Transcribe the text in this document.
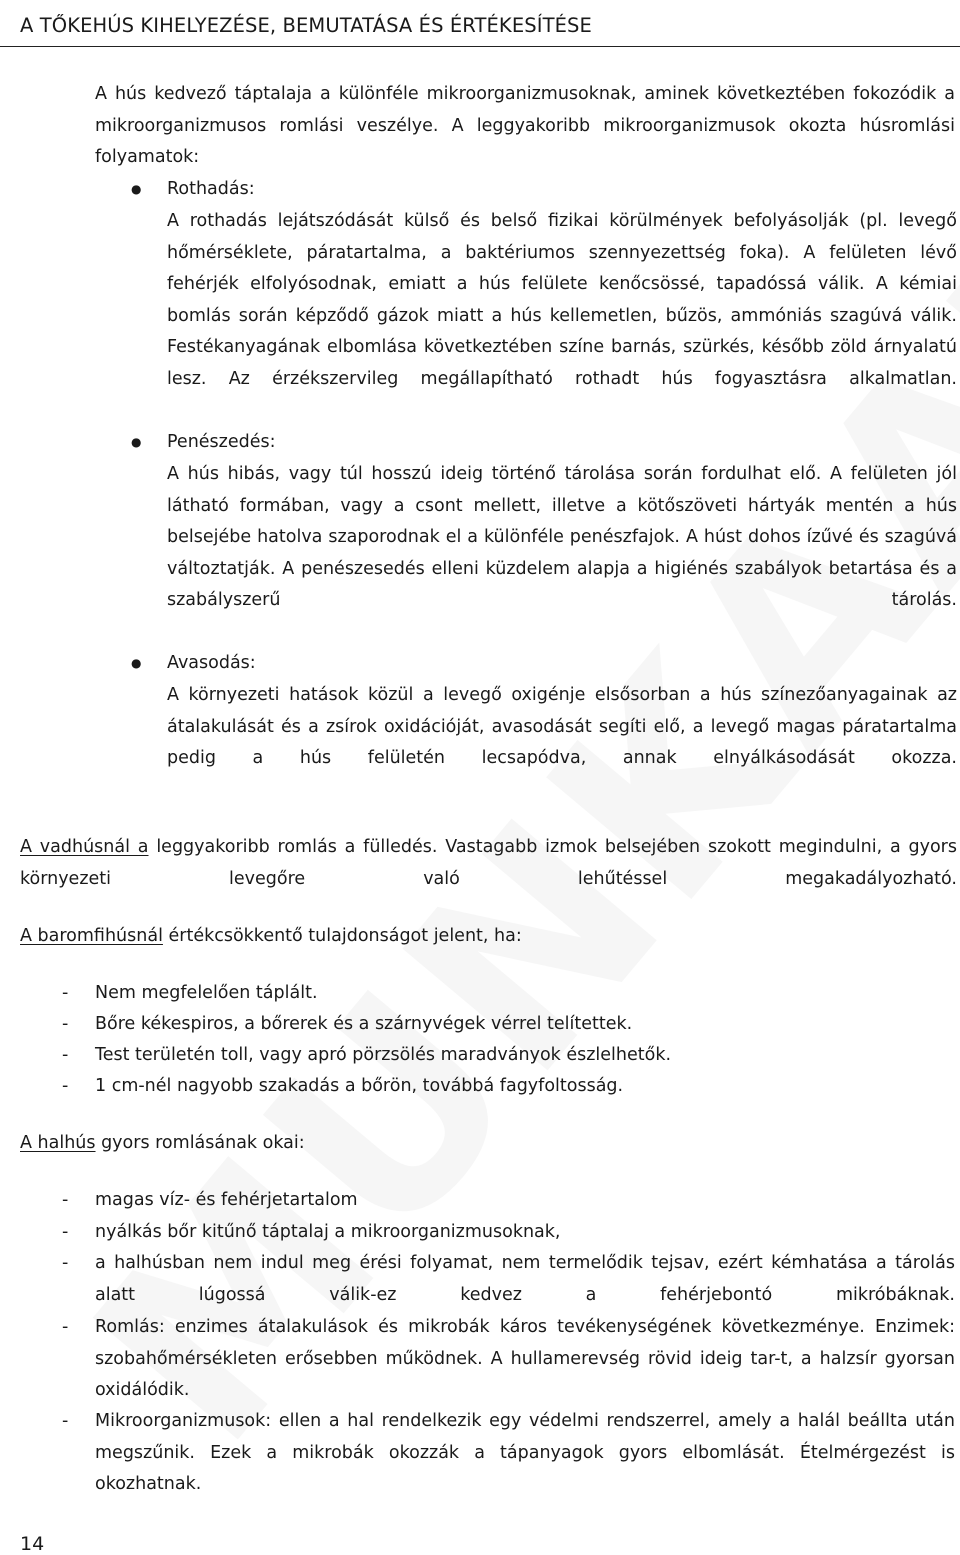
A TŐKEHÚS KIHELYEZÉSE, BEMUTATÁSA ÉS ÉRTÉKESÍTÉSE

A hús kedvező táptalaja a különféle mikroorganizmusoknak, aminek következtében fokozódik a mikroorganizmusos romlási veszélye. A leggyakoribb mikroorganizmusok okozta húsromlási folyamatok:

● Rothadás:

A rothadás lejátszódását külső és belső fizikai körülmények befolyásolják (pl. levegő hőmérséklete, páratartalma, a baktériumos szennyezettség foka). A felületen lévő fehérjék elfolyósodnak, emiatt a hús felülete kenőcsössé, tapadóssá válik. A kémiai bomlás során képződő gázok miatt a hús kellemetlen, bűzös, ammóniás szagúvá válik. Festékanyagának elbomlása következtében színe barnás, szürkés, később zöld árnyalatú lesz. Az érzékszervileg megállapítható rothadt hús fogyasztásra alkalmatlan.

● Penészedés:

A hús hibás, vagy túl hosszú ideig történő tárolása során fordulhat elő. A felületen jól látható formában, vagy a csont mellett, illetve a kötőszöveti hártyák mentén a hús belsejébe hatolva szaporodnak el a különféle penészfajok. A húst dohos ízűvé és szagúvá változtatják. A penészesedés elleni küzdelem alapja a higiénés szabályok betartása és a szabályszerű tárolás.

● Avasodás:

A környezeti hatások közül a levegő oxigénje elsősorban a hús színezőanyagainak az átalakulását és a zsírok oxidációját, avasodását segíti elő, a levegő magas páratartalma pedig a hús felületén lecsapódva, annak elnyálkásodását okozza.

A vadhúsnál a leggyakoribb romlás a fülledés. Vastagabb izmok belsejében szokott megindulni, a gyors környezeti levegőre való lehűtéssel megakadályozható.

A baromfihúsnál értékcsökkentő tulajdonságot jelent, ha:

- Nem megfelelően táplált.

- Bőre kékespiros, a bőrerek és a szárnyvégek vérrel telítettek.

- Test területén toll, vagy apró pörzsölés maradványok észlelhetők.

- 1 cm-nél nagyobb szakadás a bőrön, továbbá fagyfoltosság.

A halhús gyors romlásának okai:

- magas víz- és fehérjetartalom

- nyálkás bőr kitűnő táptalaj a mikroorganizmusoknak,

- a halhúsban nem indul meg érési folyamat, nem termelődik tejsav, ezért kémhatása a tárolás alatt lúgossá válik-ez kedvez a fehérjebontó mikróbáknak.

- Romlás: enzimes átalakulások és mikrobák káros tevékenységének következménye. Enzimek: szobahőmérsékleten erősebben működnek. A hullamerevség rövid ideig tar-t, a halzsír gyorsan oxidálódik.

- Mikroorganizmusok: ellen a hal rendelkezik egy védelmi rendszerrel, amely a halál beállta után megszűnik. Ezek a mikrobák okozzák a tápanyagok gyors elbomlását. Ételmérgezést is okozhatnak.

14
